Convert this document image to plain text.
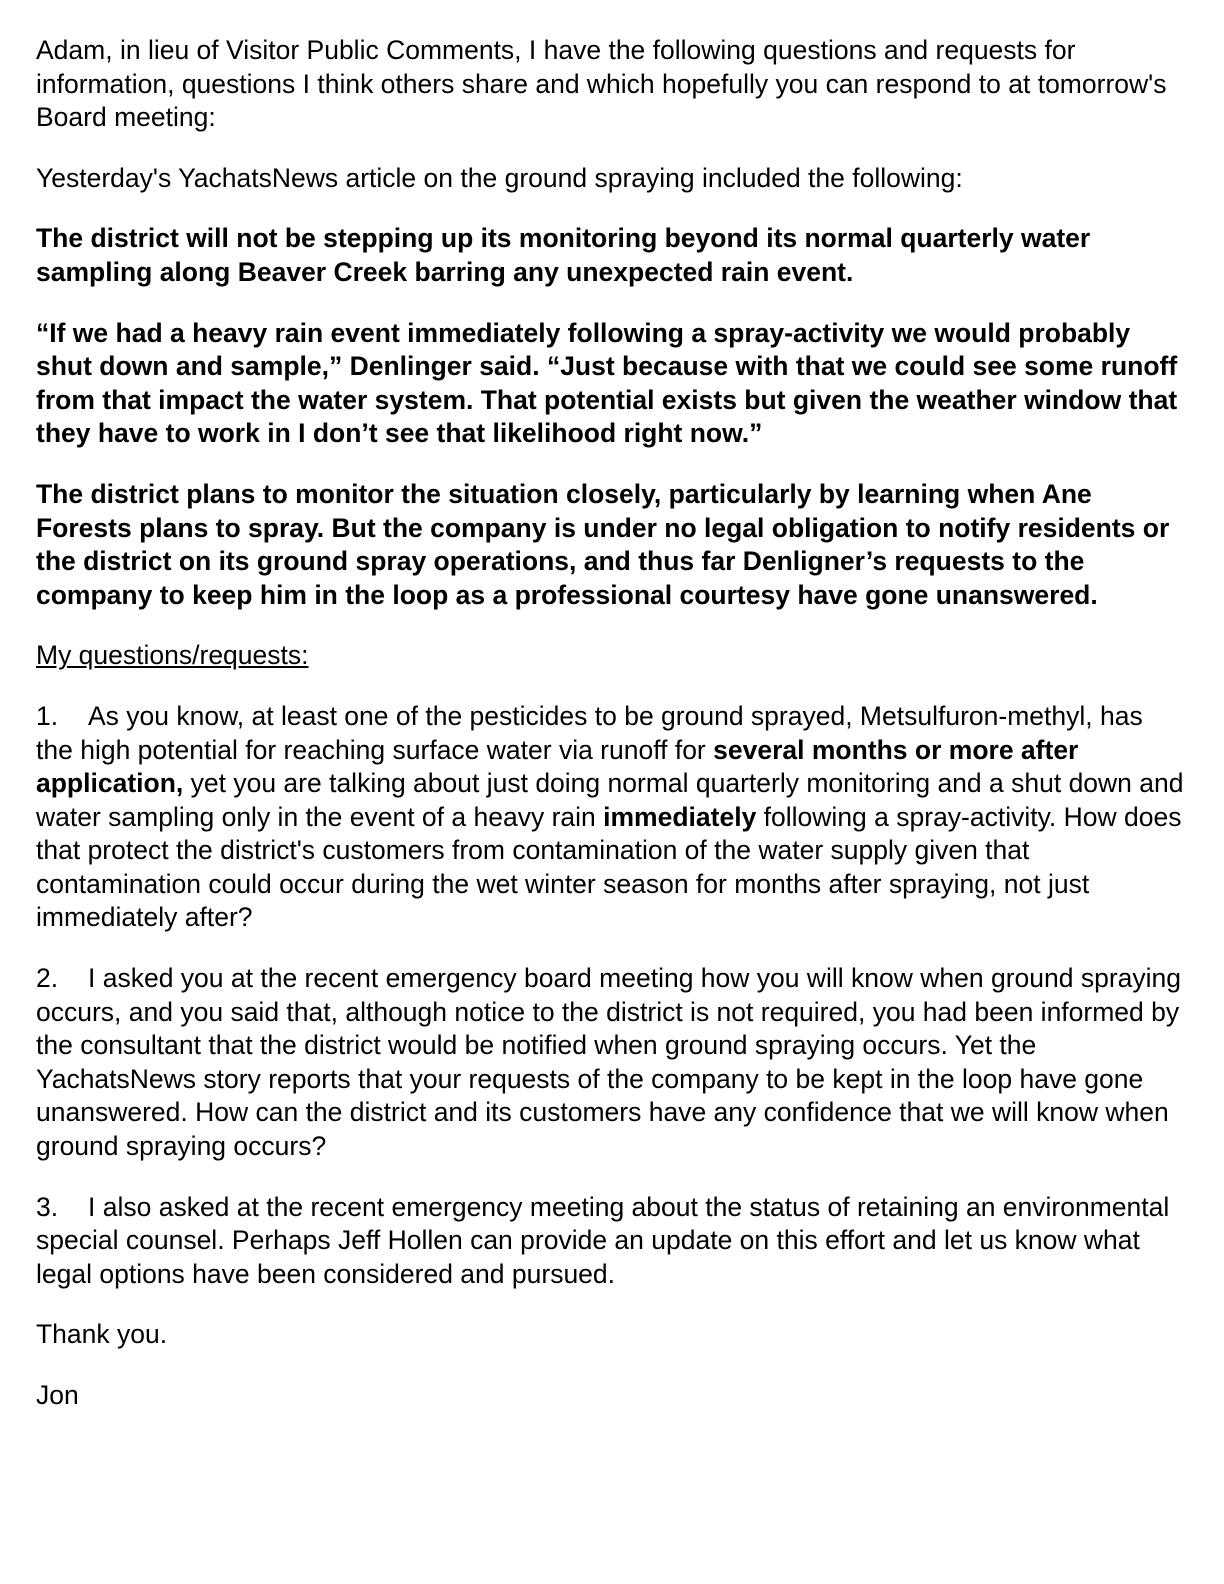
Adam, in lieu of Visitor Public Comments, I have the following questions and requests for information, questions I think others share and which hopefully you can respond to at tomorrow's Board meeting:

Yesterday's YachatsNews article on the ground spraying included the following:

The district will not be stepping up its monitoring beyond its normal quarterly water sampling along Beaver Creek barring any unexpected rain event.

“If we had a heavy rain event immediately following a spray-activity we would probably shut down and sample,” Denlinger said. “Just because with that we could see some runoff from that impact the water system. That potential exists but given the weather window that they have to work in I don’t see that likelihood right now.”

The district plans to monitor the situation closely, particularly by learning when Ane Forests plans to spray. But the company is under no legal obligation to notify residents or the district on its ground spray operations, and thus far Denligner’s requests to the company to keep him in the loop as a professional courtesy have gone unanswered.

My questions/requests:

1. As you know, at least one of the pesticides to be ground sprayed, Metsulfuron-methyl, has the high potential for reaching surface water via runoff for several months or more after application, yet you are talking about just doing normal quarterly monitoring and a shut down and water sampling only in the event of a heavy rain immediately following a spray-activity. How does that protect the district's customers from contamination of the water supply given that contamination could occur during the wet winter season for months after spraying, not just immediately after?

2. I asked you at the recent emergency board meeting how you will know when ground spraying occurs, and you said that, although notice to the district is not required, you had been informed by the consultant that the district would be notified when ground spraying occurs. Yet the YachatsNews story reports that your requests of the company to be kept in the loop have gone unanswered. How can the district and its customers have any confidence that we will know when ground spraying occurs?

3. I also asked at the recent emergency meeting about the status of retaining an environmental special counsel. Perhaps Jeff Hollen can provide an update on this effort and let us know what legal options have been considered and pursued.

Thank you.

Jon
